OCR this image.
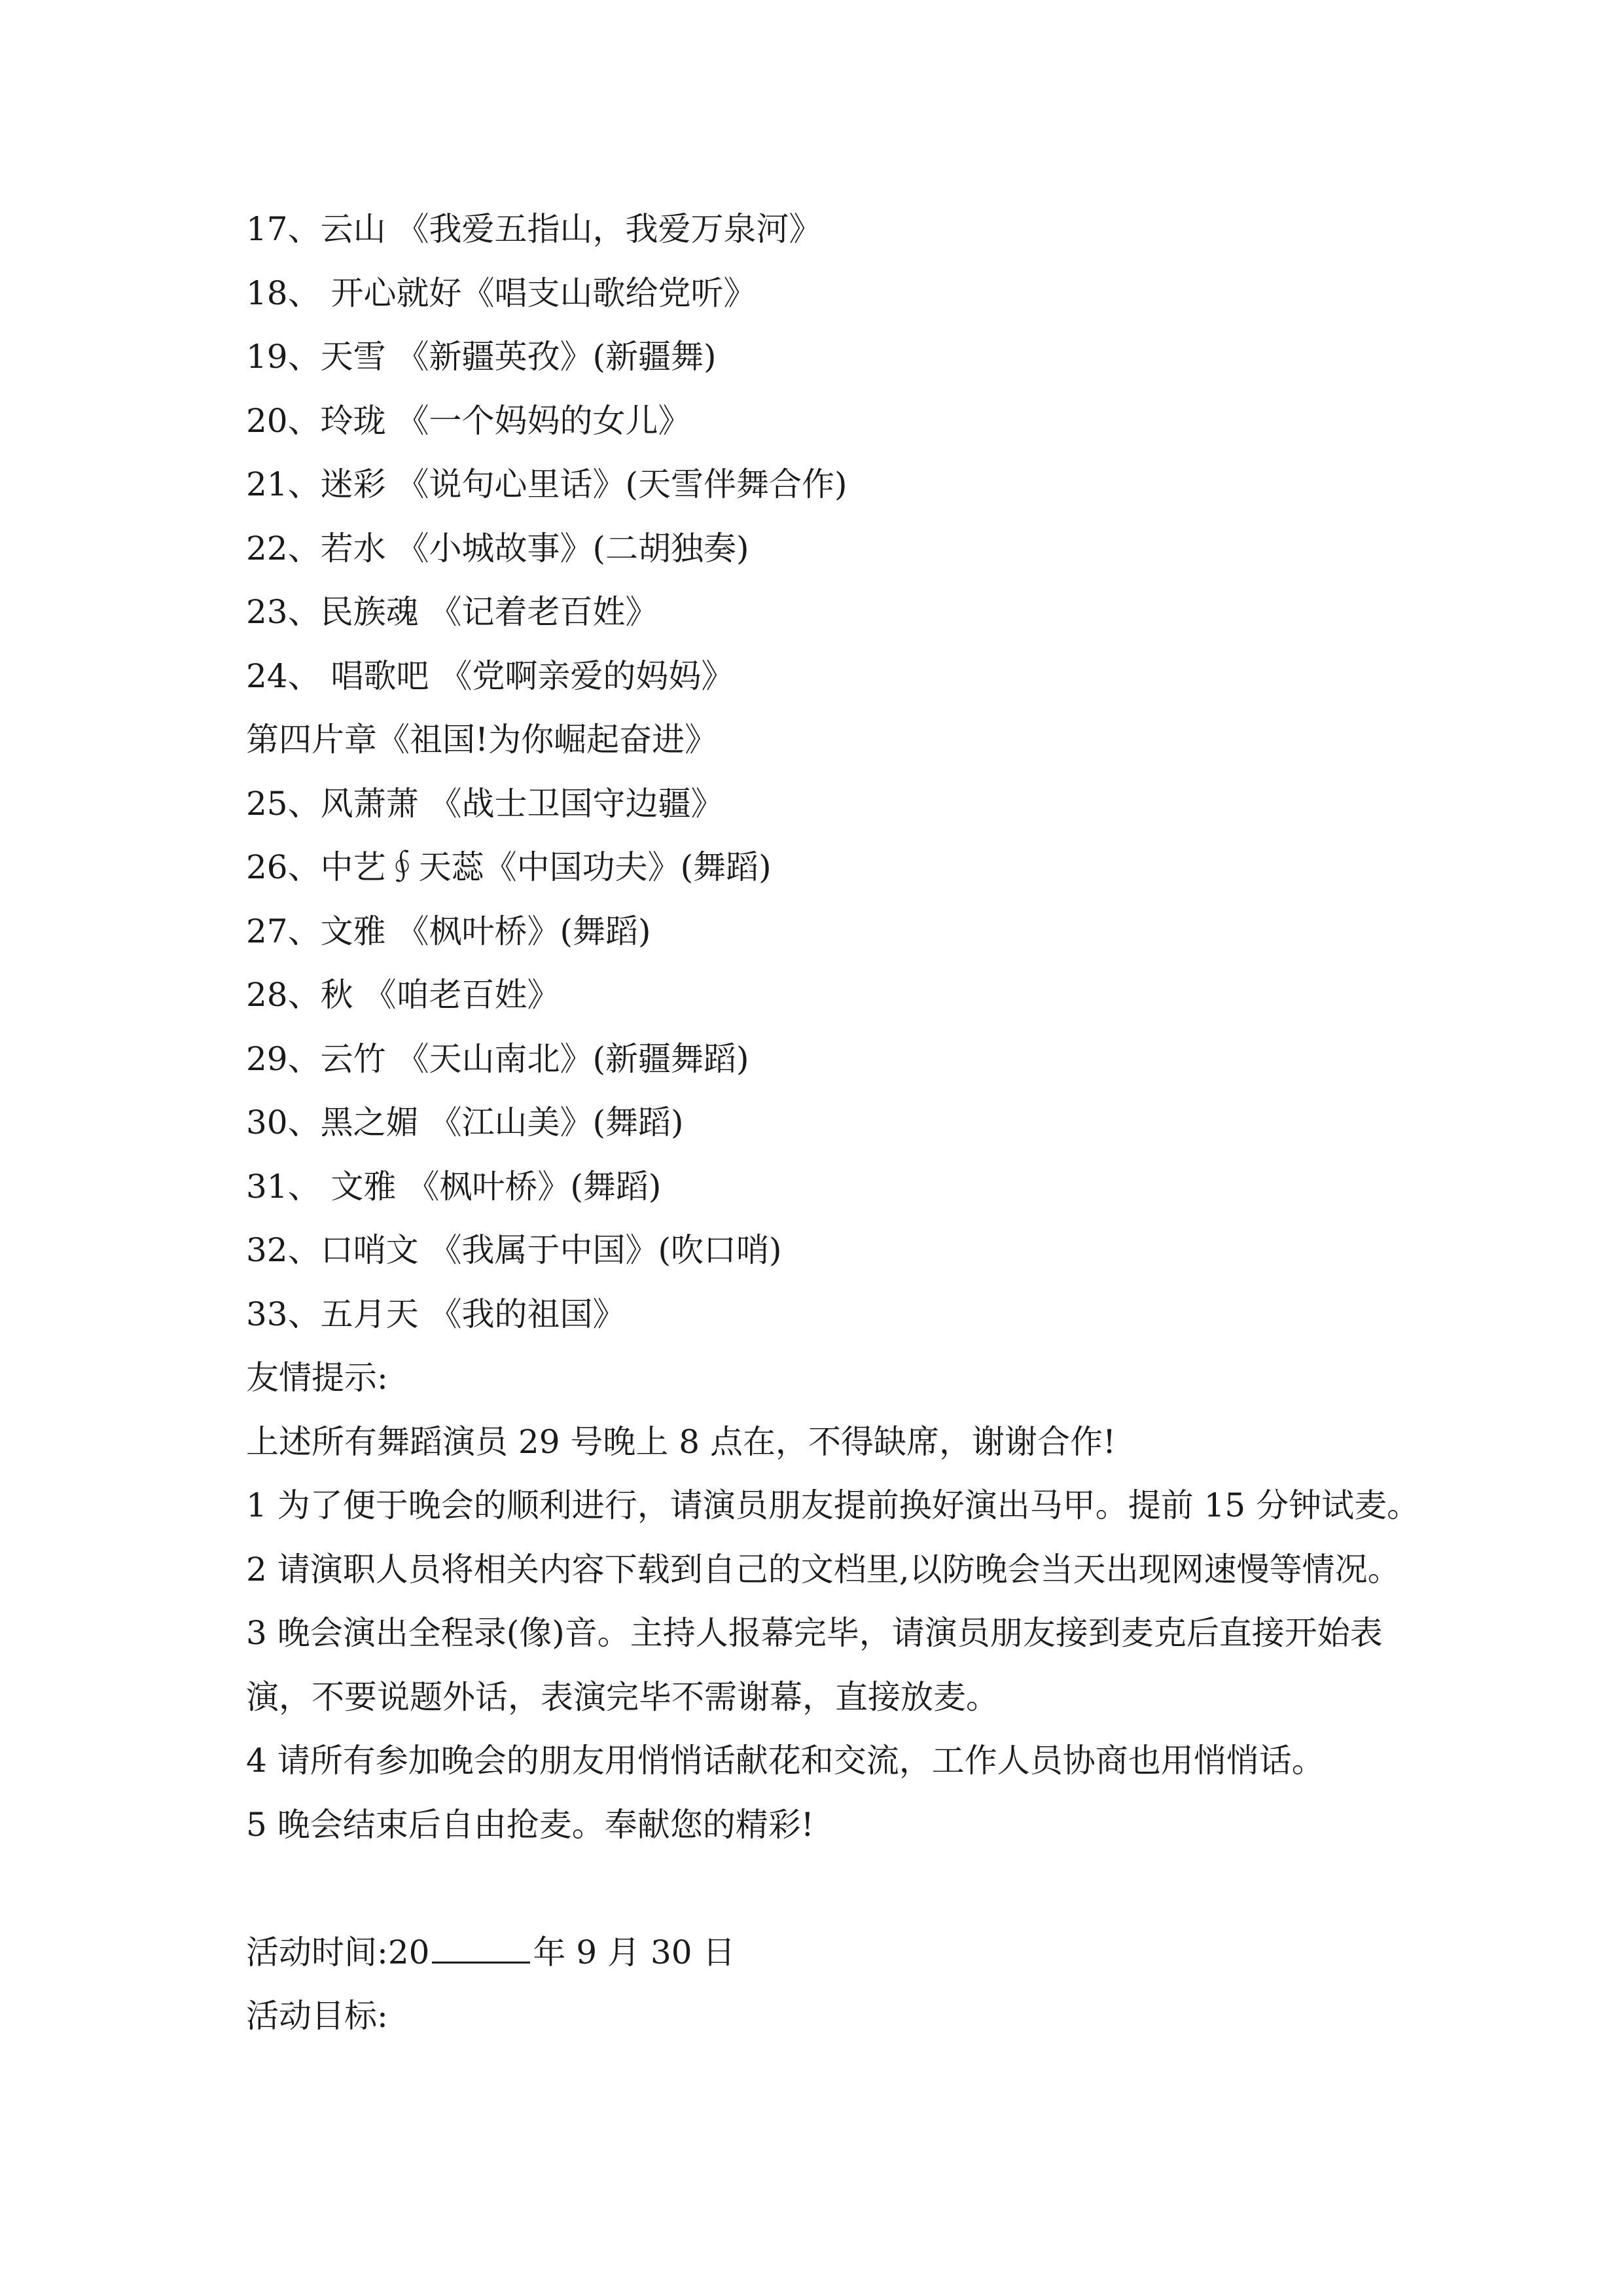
17、云山 《我爱五指山，我爱万泉河》
18、 开心就好《唱支山歌给党听》
19、天雪 《新疆英孜》(新疆舞)
20、玲珑 《一个妈妈的女儿》
21、迷彩 《说句心里话》(天雪伴舞合作)
22、若水 《小城故事》(二胡独奏)
23、民族魂 《记着老百姓》
24、 唱歌吧 《党啊亲爱的妈妈》
第四片章《祖国!为你崛起奋进》
25、风萧萧 《战士卫国守边疆》
26、中艺∮天蕊《中国功夫》(舞蹈)
27、文雅 《枫叶桥》(舞蹈)
28、秋 《咱老百姓》
29、云竹 《天山南北》(新疆舞蹈)
30、黑之媚 《江山美》(舞蹈)
31、 文雅 《枫叶桥》(舞蹈)
32、口哨文 《我属于中国》(吹口哨)
33、五月天 《我的祖国》
友情提示:
上述所有舞蹈演员 29 号晚上 8 点在，不得缺席，谢谢合作!
1 为了便于晚会的顺利进行，请演员朋友提前换好演出马甲。提前 15 分钟试麦。
2 请演职人员将相关内容下载到自己的文档里,以防晚会当天出现网速慢等情况。
3 晚会演出全程录(像)音。主持人报幕完毕，请演员朋友接到麦克后直接开始表
演，不要说题外话，表演完毕不需谢幕，直接放麦。
4 请所有参加晚会的朋友用悄悄话献花和交流，工作人员协商也用悄悄话。
5 晚会结束后自由抢麦。奉献您的精彩!
活动时间:20	年 9 月 30 日
活动目标:
